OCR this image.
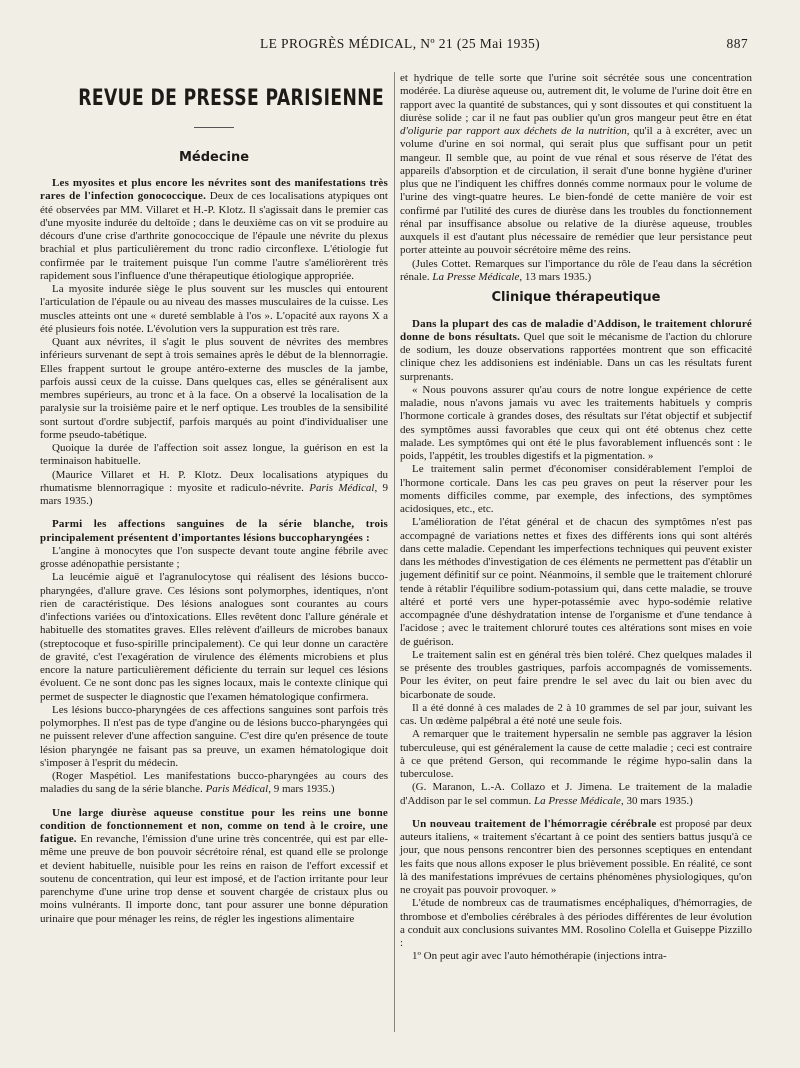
LE PROGRÈS MÉDICAL, Nº 21 (25 Mai 1935)	887
REVUE DE PRESSE PARISIENNE
Médecine

Les myosites et plus encore les névrites sont des manifestations très rares de l'infection gonococcique. Deux de ces localisations atypiques ont été observées par MM. Villaret et H.-P. Klotz. Il s'agissait dans le premier cas d'une myosite indurée du deltoïde ; dans le deuxième cas on vit se produire au décours d'une crise d'arthrite gonococcique de l'épaule une névrite du plexus brachial et plus particulièrement du tronc radio circonflexe. L'étiologie fut confirmée par le traitement puisque l'un comme l'autre s'améliorèrent très rapidement sous l'influence d'une thérapeutique étiologique appropriée.

La myosite indurée siège le plus souvent sur les muscles qui entourent l'articulation de l'épaule ou au niveau des masses musculaires de la cuisse. Les muscles atteints ont une « dureté semblable à l'os ». L'opacité aux rayons X a été plusieurs fois notée. L'évolution vers la suppuration est très rare.

Quant aux névrites, il s'agit le plus souvent de névrites des membres inférieurs survenant de sept à trois semaines après le début de la blennorragie. Elles frappent surtout le groupe antéro-externe des muscles de la jambe, parfois aussi ceux de la cuisse. Dans quelques cas, elles se généralisent aux membres supérieurs, au tronc et à la face. On a observé la localisation de la paralysie sur la troisième paire et le nerf optique. Les troubles de la sensibilité sont surtout d'ordre subjectif, parfois marqués au point d'individualiser une forme pseudo-tabétique.

Quoique la durée de l'affection soit assez longue, la guérison en est la terminaison habituelle.

(Maurice Villaret et H. P. Klotz. Deux localisations atypiques du rhumatisme blennorragique : myosite et radiculo-névrite. Paris Médical, 9 mars 1935.)

Parmi les affections sanguines de la série blanche, trois principalement présentent d'importantes lésions buccopharyngées :

L'angine à monocytes que l'on suspecte devant toute angine fébrile avec grosse adénopathie persistante ;

La leucémie aiguë et l'agranulocytose qui réalisent des lésions bucco-pharyngées, d'allure grave. Ces lésions sont polymorphes, identiques, n'ont rien de caractéristique. Des lésions analogues sont courantes au cours d'infections variées ou d'intoxications. Elles revêtent donc l'allure générale et habituelle des stomatites graves. Elles relèvent d'ailleurs de microbes banaux (streptocoque et fuso-spirille principalement). Ce qui leur donne un caractère de gravité, c'est l'exagération de virulence des éléments microbiens et plus encore la nature particulièrement déficiente du terrain sur lequel ces lésions évoluent. Ce ne sont donc pas les signes locaux, mais le contexte clinique qui permet de suspecter le diagnostic que l'examen hématologique confirmera.

Les lésions bucco-pharyngées de ces affections sanguines sont parfois très polymorphes. Il n'est pas de type d'angine ou de lésions bucco-pharyngées qui ne puissent relever d'une affection sanguine. C'est dire qu'en présence de toute lésion pharyngée ne faisant pas sa preuve, un examen hématologique doit s'imposer à l'esprit du médecin.

(Roger Maspétiol. Les manifestations bucco-pharyngées au cours des maladies du sang de la série blanche. Paris Médical, 9 mars 1935.)

Une large diurèse aqueuse constitue pour les reins une bonne condition de fonctionnement et non, comme on tend à le croire, une fatigue. En revanche, l'émission d'une urine très concentrée, qui est par elle-même une preuve de bon pouvoir sécrétoire rénal, est quand elle se prolonge et devient habituelle, nuisible pour les reins en raison de l'effort excessif et soutenu de concentration, qui leur est imposé, et de l'action irritante pour leur parenchyme d'une urine trop dense et souvent chargée de cristaux plus ou moins vulnérants. Il importe donc, tant pour assurer une bonne dépuration urinaire que pour ménager les reins, de régler les ingestions alimentaire

et hydrique de telle sorte que l'urine soit sécrétée sous une concentration modérée. La diurèse aqueuse ou, autrement dit, le volume de l'urine doit être en rapport avec la quantité de substances, qui y sont dissoutes et qui constituent la diurèse solide ; car il ne faut pas oublier qu'un gros mangeur peut être en état d'oligurie par rapport aux déchets de la nutrition, qu'il a à excréter, avec un volume d'urine en soi normal, qui serait plus que suffisant pour un petit mangeur. Il semble que, au point de vue rénal et sous réserve de l'état des appareils d'absorption et de circulation, il serait d'une bonne hygiène d'uriner plus que ne l'indiquent les chiffres donnés comme normaux pour le volume de l'urine des vingt-quatre heures. Le bien-fondé de cette manière de voir est confirmé par l'utilité des cures de diurèse dans les troubles du fonctionnement rénal par insuffisance absolue ou relative de la diurèse aqueuse, troubles auxquels il est d'autant plus nécessaire de remédier que leur persistance peut porter atteinte au pouvoir sécrétoire même des reins.

(Jules Cottet. Remarques sur l'importance du rôle de l'eau dans la sécrétion rénale. La Presse Médicale, 13 mars 1935.)

Clinique thérapeutique

Dans la plupart des cas de maladie d'Addison, le traitement chloruré donne de bons résultats. Quel que soit le mécanisme de l'action du chlorure de sodium, les douze observations rapportées montrent que son efficacité clinique chez les addisoniens est indéniable. Dans un cas les résultats furent surprenants.

« Nous pouvons assurer qu'au cours de notre longue expérience de cette maladie, nous n'avons jamais vu avec les traitements habituels y compris l'hormone corticale à grandes doses, des résultats sur l'état objectif et subjectif des symptômes aussi favorables que ceux qui ont été obtenus chez cette malade. Les symptômes qui ont été le plus favorablement influencés sont : le poids, l'appétit, les troubles digestifs et la pigmentation. »

Le traitement salin permet d'économiser considérablement l'emploi de l'hormone corticale. Dans les cas peu graves on peut la réserver pour les moments difficiles comme, par exemple, des infections, des symptômes acidosiques, etc., etc.

L'amélioration de l'état général et de chacun des symptômes n'est pas accompagné de variations nettes et fixes des différents ions qui sont altérés dans cette maladie. Cependant les imperfections techniques qui peuvent exister dans les méthodes d'investigation de ces éléments ne permettent pas d'établir un jugement définitif sur ce point. Néanmoins, il semble que le traitement chloruré tende à rétablir l'équilibre sodium-potassium qui, dans cette maladie, se trouve altéré et porté vers une hyper-potassémie avec hypo-sodémie relative accompagnée d'une déshydratation intense de l'organisme et d'une tendance à l'acidose ; avec le traitement chloruré toutes ces altérations sont mises en voie de guérison.

Le traitement salin est en général très bien toléré. Chez quelques malades il se présente des troubles gastriques, parfois accompagnés de vomissements. Pour les éviter, on peut faire prendre le sel avec du lait ou bien avec du bicarbonate de soude.

Il a été donné à ces malades de 2 à 10 grammes de sel par jour, suivant les cas. Un œdème palpébral a été noté une seule fois.

A remarquer que le traitement hypersalin ne semble pas aggraver la lésion tuberculeuse, qui est généralement la cause de cette maladie ; ceci est contraire à ce que prétend Gerson, qui recommande le régime hypo-salin dans la tuberculose.

(G. Maranon, L.-A. Collazo et J. Jimena. Le traitement de la maladie d'Addison par le sel commun. La Presse Médicale, 30 mars 1935.)

Un nouveau traitement de l'hémorragie cérébrale est proposé par deux auteurs italiens, « traitement s'écartant à ce point des sentiers battus jusqu'à ce jour, que nous pensons rencontrer bien des personnes sceptiques en entendant les faits que nous allons exposer le plus brièvement possible. En réalité, ce sont là des manifestations imprévues de certains phénomènes physiologiques, qu'on ne croyait pas pouvoir provoquer. »

L'étude de nombreux cas de traumatismes encéphaliques, d'hémorragies, de thrombose et d'embolies cérébrales à des périodes différentes de leur évolution a conduit aux conclusions suivantes MM. Rosolino Colella et Guiseppe Pizzillo :

1º On peut agir avec l'auto hémothérapie (injections intra-
